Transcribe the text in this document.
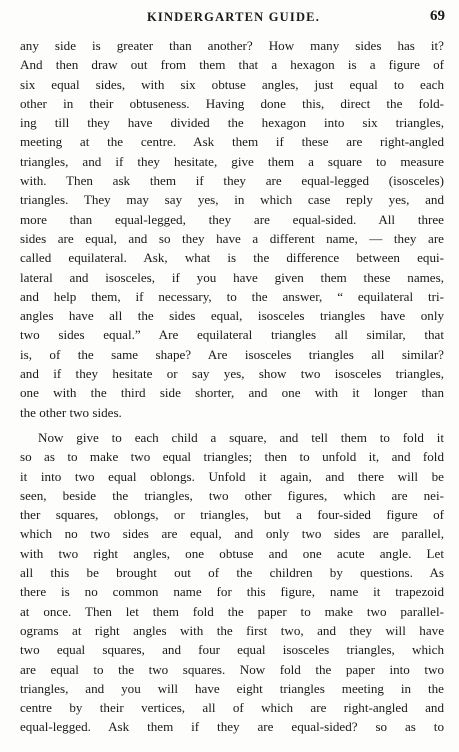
KINDERGARTEN GUIDE.	69
any side is greater than another? How many sides has it?
And then draw out from them that a hexagon is a figure of
six equal sides, with six obtuse angles, just equal to each
other in their obtuseness. Having done this, direct the fold-
ing till they have divided the hexagon into six triangles,
meeting at the centre. Ask them if these are right-angled
triangles, and if they hesitate, give them a square to measure
with. Then ask them if they are equal-legged (isosceles)
triangles. They may say yes, in which case reply yes, and
more than equal-legged, they are equal-sided. All three
sides are equal, and so they have a different name, — they are
called equilateral. Ask, what is the difference between equi-
lateral and isosceles, if you have given them these names,
and help them, if necessary, to the answer, “ equilateral tri-
angles have all the sides equal, isosceles triangles have only
two sides equal.” Are equilateral triangles all similar, that
is, of the same shape? Are isosceles triangles all similar?
and if they hesitate or say yes, show two isosceles triangles,
one with the third side shorter, and one with it longer than
the other two sides.
Now give to each child a square, and tell them to fold it
so as to make two equal triangles; then to unfold it, and fold
it into two equal oblongs. Unfold it again, and there will be
seen, beside the triangles, two other figures, which are nei-
ther squares, oblongs, or triangles, but a four-sided figure of
which no two sides are equal, and only two sides are parallel,
with two right angles, one obtuse and one acute angle. Let
all this be brought out of the children by questions. As
there is no common name for this figure, name it trapezoid
at once. Then let them fold the paper to make two parallel-
ograms at right angles with the first two, and they will have
two equal squares, and four equal isosceles triangles, which
are equal to the two squares. Now fold the paper into two
triangles, and you will have eight triangles meeting in the
centre by their vertices, all of which are right-angled and
equal-legged. Ask them if they are equal-sided? so as to
